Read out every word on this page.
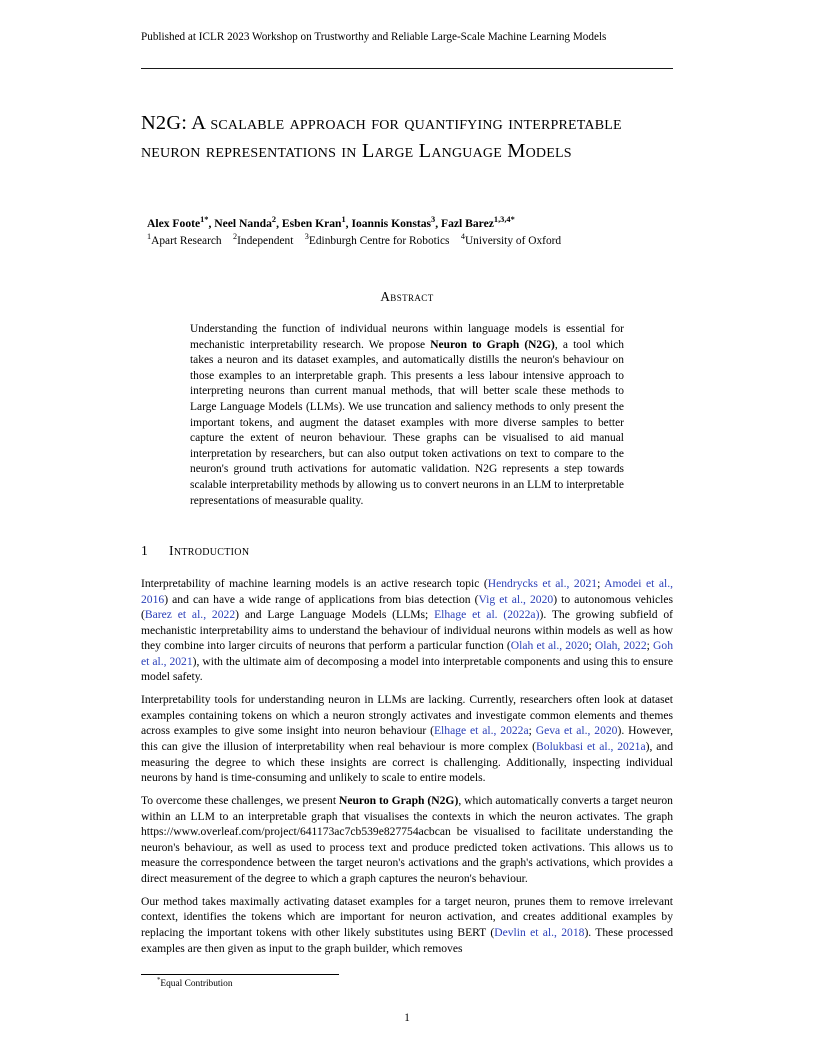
Published at ICLR 2023 Workshop on Trustworthy and Reliable Large-Scale Machine Learning Models
N2G: A scalable approach for quantifying interpretable neuron representations in Large Language Models
Alex Foote$^{1*}$, Neel Nanda$^2$, Esben Kran$^1$, Ioannis Konstas$^3$, Fazl Barez$^{1,3,4*}$
$^1$Apart Research   $^2$Independent   $^3$Edinburgh Centre for Robotics   $^4$University of Oxford
Abstract

Understanding the function of individual neurons within language models is essential for mechanistic interpretability research. We propose Neuron to Graph (N2G), a tool which takes a neuron and its dataset examples, and automatically distills the neuron's behaviour on those examples to an interpretable graph. This presents a less labour intensive approach to interpreting neurons than current manual methods, that will better scale these methods to Large Language Models (LLMs). We use truncation and saliency methods to only present the important tokens, and augment the dataset examples with more diverse samples to better capture the extent of neuron behaviour. These graphs can be visualised to aid manual interpretation by researchers, but can also output token activations on text to compare to the neuron's ground truth activations for automatic validation. N2G represents a step towards scalable interpretability methods by allowing us to convert neurons in an LLM to interpretable representations of measurable quality.

1 Introduction

Interpretability of machine learning models is an active research topic (Hendrycks et al., 2021; Amodei et al., 2016) and can have a wide range of applications from bias detection (Vig et al., 2020) to autonomous vehicles (Barez et al., 2022) and Large Language Models (LLMs; Elhage et al. (2022a)). The growing subfield of mechanistic interpretability aims to understand the behaviour of individual neurons within models as well as how they combine into larger circuits of neurons that perform a particular function (Olah et al., 2020; Olah, 2022; Goh et al., 2021), with the ultimate aim of decomposing a model into interpretable components and using this to ensure model safety.

Interpretability tools for understanding neuron in LLMs are lacking. Currently, researchers often look at dataset examples containing tokens on which a neuron strongly activates and investigate common elements and themes across examples to give some insight into neuron behaviour (Elhage et al., 2022a; Geva et al., 2020). However, this can give the illusion of interpretability when real behaviour is more complex (Bolukbasi et al., 2021a), and measuring the degree to which these insights are correct is challenging. Additionally, inspecting individual neurons by hand is time-consuming and unlikely to scale to entire models.

To overcome these challenges, we present Neuron to Graph (N2G), which automatically converts a target neuron within an LLM to an interpretable graph that visualises the contexts in which the neuron activates. The graph https://www.overleaf.com/project/641173ac7cb539e827754acbcan be visualised to facilitate understanding the neuron's behaviour, as well as used to process text and produce predicted token activations. This allows us to measure the correspondence between the target neuron's activations and the graph's activations, which provides a direct measurement of the degree to which a graph captures the neuron's behaviour.

Our method takes maximally activating dataset examples for a target neuron, prunes them to remove irrelevant context, identifies the tokens which are important for neuron activation, and creates additional examples by replacing the important tokens with other likely substitutes using BERT (Devlin et al., 2018). These processed examples are then given as input to the graph builder, which removes

*Equal Contribution
1
